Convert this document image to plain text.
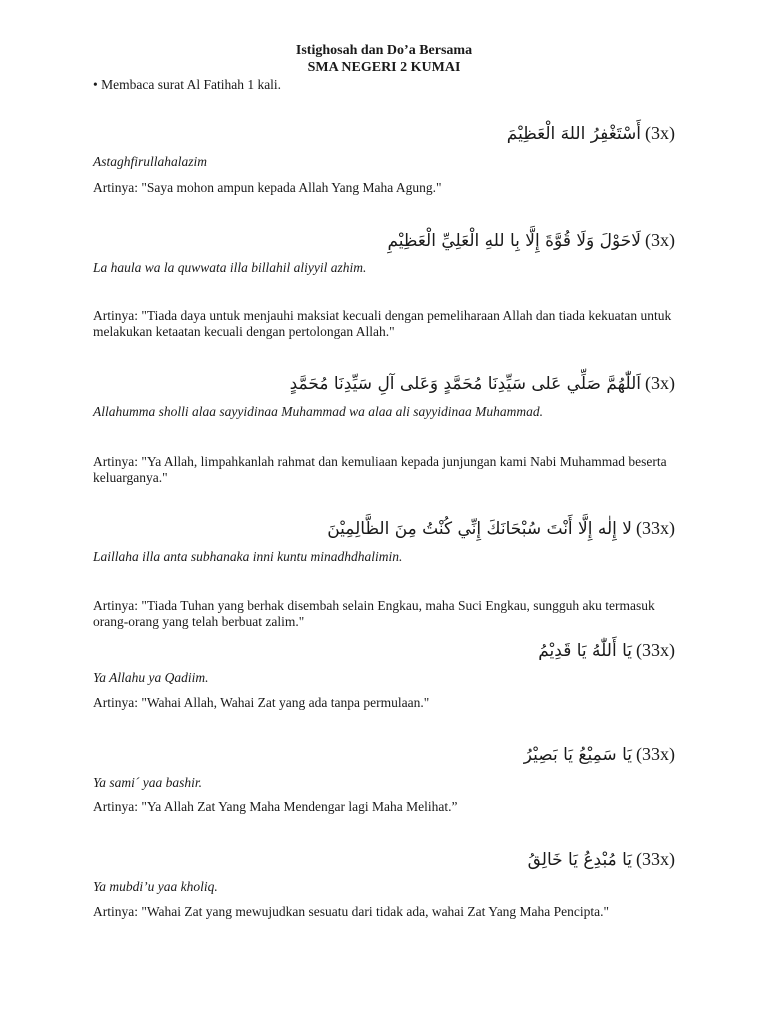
Istighosah dan Do’a Bersama
SMA NEGERI 2 KUMAI
• Membaca surat Al Fatihah 1 kali.
أَسْتَغْفِرُ اللهَ الْعَظِيْمَ (3x)
Astaghfirullahalazim
Artinya: "Saya mohon ampun kepada Allah Yang Maha Agung."
لَاحَوْلَ وَلَا قُوَّةَ إِلَّا بِا للهِ الْعَلِيِّ الْعَظِيْمِ (3x)
La haula wa la quwwata illa billahil aliyyil azhim.
Artinya: "Tiada daya untuk menjauhi maksiat kecuali dengan pemeliharaan Allah dan tiada kekuatan untuk melakukan ketaatan kecuali dengan pertolongan Allah."
اَللّٰهُمَّ صَلِّي عَلى سَيِّدِنَا مُحَمَّدٍ وَعَلى آلِ سَيِّدِنَا مُحَمَّدٍ (3x)
Allahumma sholli alaa sayyidinaa Muhammad wa alaa ali sayyidinaa Muhammad.
Artinya: "Ya Allah, limpahkanlah rahmat dan kemuliaan kepada junjungan kami Nabi Muhammad beserta keluarganya."
لا إِلٰه إِلَّا أَنْتَ سُبْحَانَكَ إِنِّي كُنْتُ مِنَ الظَّالِمِيْنَ (33x)
Laillaha illa anta subhanaka inni kuntu minadhdhalimin.
Artinya: "Tiada Tuhan yang berhak disembah selain Engkau, maha Suci Engkau, sungguh aku termasuk orang-orang yang telah berbuat zalim."
يَا أَللّٰهُ يَا قَدِيْمُ (33x)
Ya Allahu ya Qadiim.
Artinya: "Wahai Allah, Wahai Zat yang ada tanpa permulaan."
يَا سَمِيْعُ يَا بَصِيْرُ (33x)
Ya sami´ yaa bashir.
Artinya: "Ya Allah Zat Yang Maha Mendengar lagi Maha Melihat.”
يَا مُبْدِعُ يَا خَالِقُ (33x)
Ya mubdi’u yaa kholiq.
Artinya: "Wahai Zat yang mewujudkan sesuatu dari tidak ada, wahai Zat Yang Maha Pencipta."
